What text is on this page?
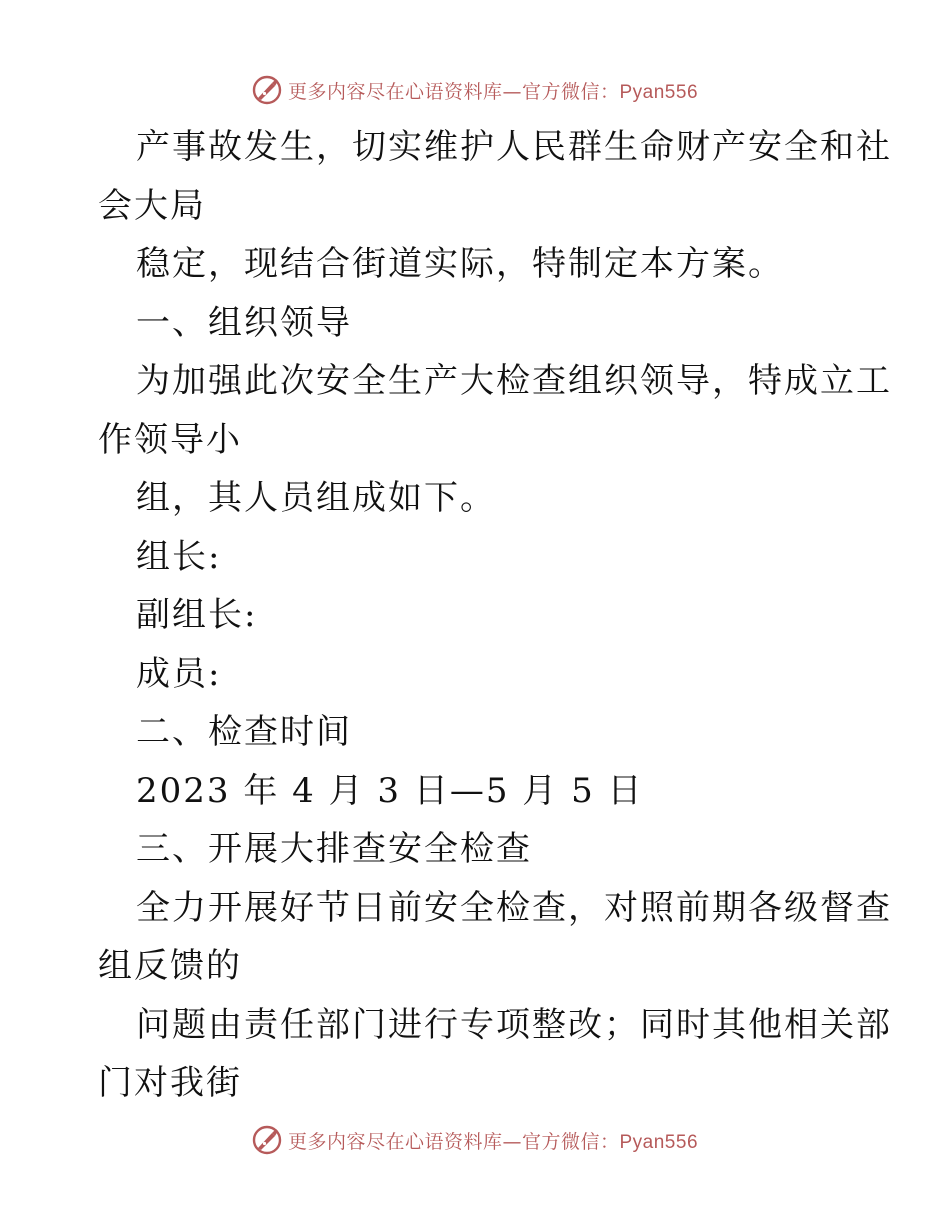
更多内容尽在心语资料库—官方微信：Pyan556
产事故发生，切实维护人民群生命财产安全和社
会大局
稳定，现结合街道实际，特制定本方案。
一、组织领导
为加强此次安全生产大检查组织领导，特成立工
作领导小
组，其人员组成如下。
组长:
副组长:
成员:
二、检查时间
2023 年 4 月 3 日—5 月 5 日
三、开展大排查安全检查
全力开展好节日前安全检查，对照前期各级督查
组反馈的
问题由责任部门进行专项整改；同时其他相关部
门对我街
更多内容尽在心语资料库—官方微信：Pyan556
